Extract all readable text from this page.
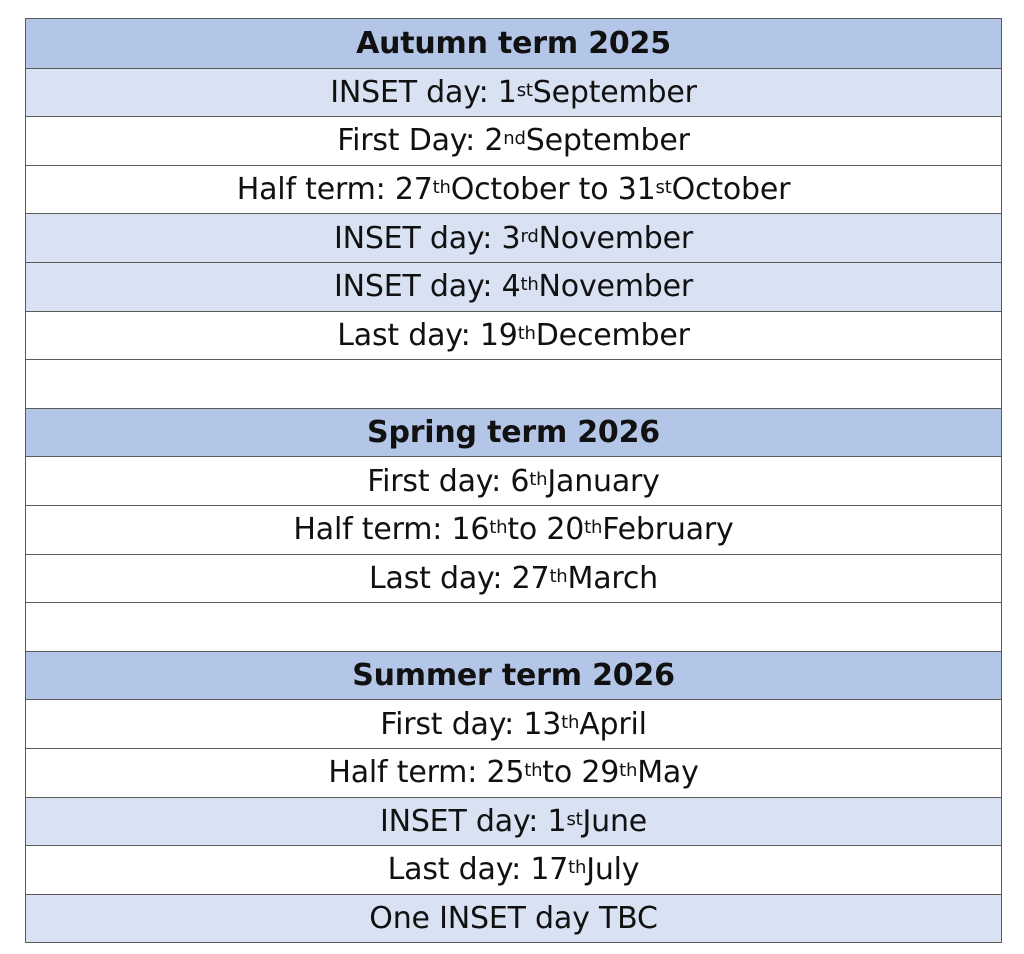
Autumn term 2025
INSET day: 1st September
First Day: 2nd September
Half term: 27th October to 31st October
INSET day: 3rd November
INSET day: 4th November
Last day: 19th December
Spring term 2026
First day: 6th January
Half term: 16th to 20th February
Last day: 27th March
Summer term 2026
First day: 13th April
Half term: 25th to 29th May
INSET day: 1st June
Last day: 17th July
One INSET day TBC
